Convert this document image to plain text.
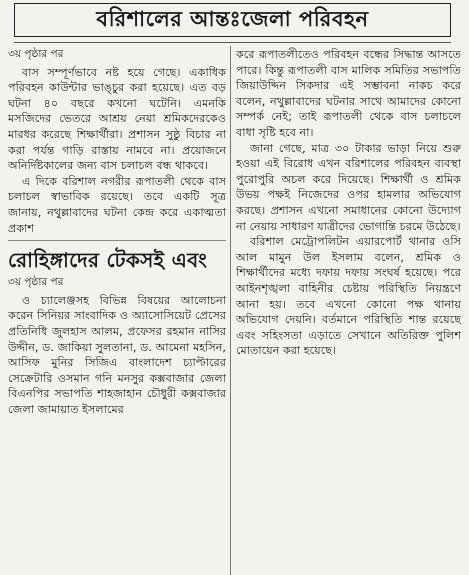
বরিশালের আন্তঃজেলা পরিবহন

৩য় পৃষ্ঠার পর

বাস সম্পূর্ণভাবে নষ্ট হয়ে গেছে। একাধিক পরিবহন কাউন্টার ভাঙ্চুর করা হয়েছে। এত বড় ঘটনা ৪০ বছরে কখনো ঘটেনি। এমনকি মসজিদের ভেতরে আশ্রয় নেয়া শ্রমিকদেরকেও মারধর করেছে শিক্ষার্থীরা। প্রশাসন সুষ্ঠু বিচার না করা পর্যন্ত গাড়ি রাস্তায় নামবে না। প্রয়োজনে অনির্দিষ্টকালের জন্য বাস চলাচল বন্ধ থাকবে।

এ দিকে বরিশাল নগরীর রূপাতলী থেকে বাস চলাচল স্বাভাবিক রয়েছে। তবে একটি সূত্র জানায়, নথুল্লাবাদের ঘটনা কেন্দ্র করে একাত্মতা প্রকাশ

রোহিঙ্গাদের টেকসই এবং

৩য় পৃষ্ঠার পর

ও চ্যালেঞ্জসহ বিভিন্ন বিষয়ের আলোচনা করেন সিনিয়র সাংবাদিক ও অ্যাসোসিয়েট প্রেসের প্রতিনিধি জুলহাস আলম, প্রফেসর রহমান নাসির উদ্দীন, ড. জাকিয়া সুলতানা, ড. আমেনা মহসিন, আসিফ মুনির সিজিএ বাংলাদেশ চ্যাপ্টারের সেক্রেটারি ওসমান গনি মনসুর কক্সবাজার জেলা বিএনপির সভাপতি শাহজাহান চৌধুরী কক্সবাজার জেলা জামায়াত ইসলামের

করে রূপাতলীতেও পরিবহন বন্ধের সিদ্ধান্ত আসতে পারে। কিন্তু রূপাতলী বাস মালিক সমিতির সভাপতি জিয়াউদ্দিন সিকদার এই সম্ভাবনা নাকচ করে বলেন, নথুল্লাবাদের ঘটনার সাথে আমাদের কোনো সম্পর্ক নেই; তাই রূপাতলী থেকে বাস চলাচলে বাধা সৃষ্টি হবে না।

জানা গেছে, মাত্র ৩০ টাকার ভাড়া নিয়ে শুরু হওয়া এই বিরোধ এখন বরিশালের পরিবহন ব্যবস্থা পুরোপুরি অচল করে দিয়েছে। শিক্ষার্থী ও শ্রমিক উভয় পক্ষই নিজেদের ওপর হামলার অভিযোগ করছে। প্রশাসন এখনো সমাধানের কোনো উদ্যোগ না নেয়ায় সাধারণ যাত্রীদের ভোগান্তি চরমে উঠেছে।

বরিশাল মেট্রোপলিটন এয়ারপোর্ট থানার ওসি আল মামুন উল ইসলাম বলেন, শ্রমিক ও শিক্ষার্থীদের মধ্যে দফায় দফায় সংঘর্ষ হয়েছে। পরে আইনশৃঙ্খলা বাহিনীর চেষ্টায় পরিস্থিতি নিয়ন্ত্রণে আনা হয়। তবে এখনো কোনো পক্ষ থানায় অভিযোগ দেয়নি। বর্তমানে পরিস্থিতি শান্ত রয়েছে এবং সহিংসতা এড়াতে সেখানে অতিরিক্ত পুলিশ মোতায়েন করা হয়েছে।
